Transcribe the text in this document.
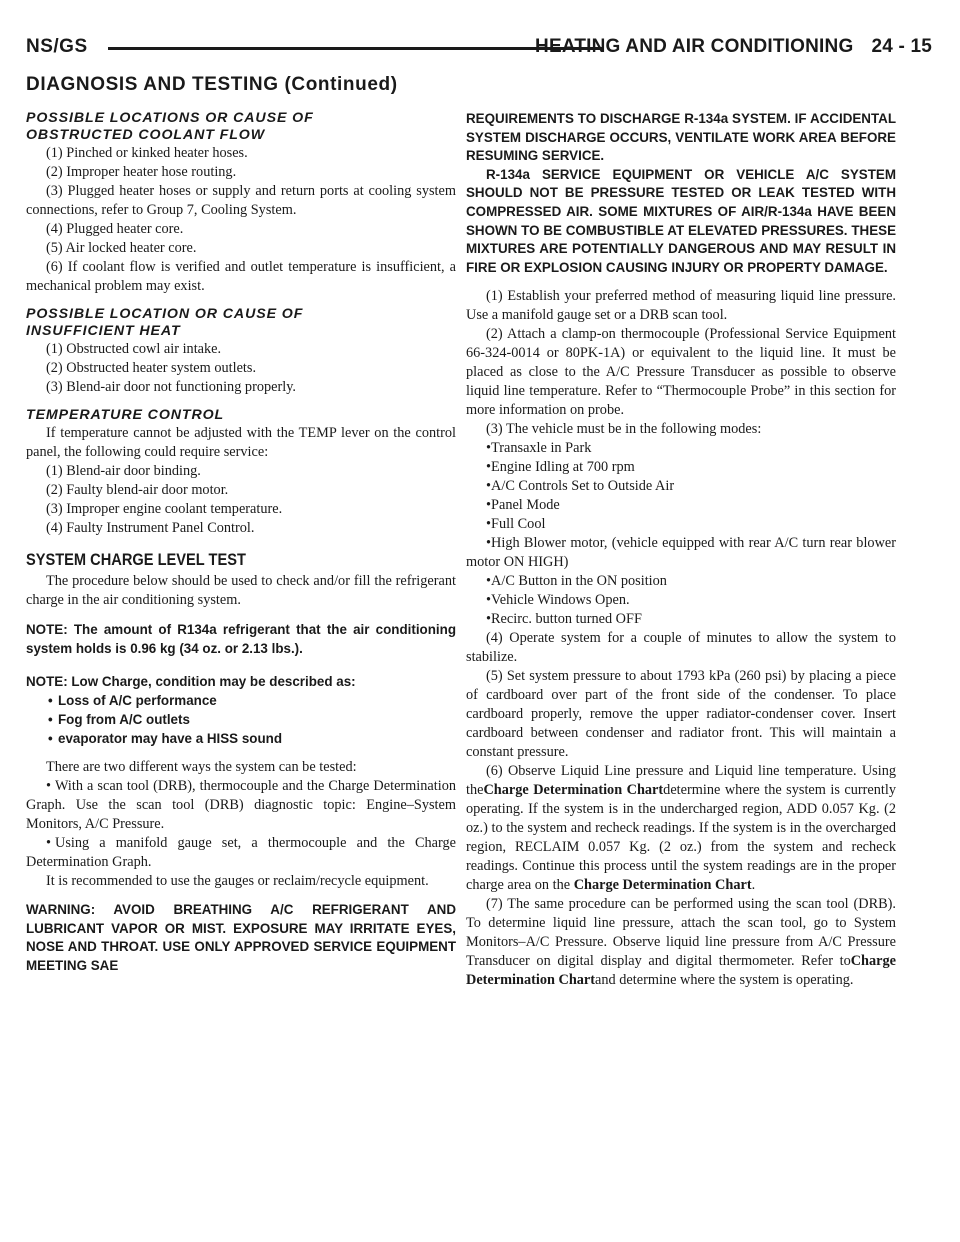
NS/GS	HEATING AND AIR CONDITIONING 24 - 15
DIAGNOSIS AND TESTING (Continued)
POSSIBLE LOCATIONS OR CAUSE OF
OBSTRUCTED COOLANT FLOW

(1) Pinched or kinked heater hoses.

(2) Improper heater hose routing.

(3) Plugged heater hoses or supply and return ports at cooling system connections, refer to Group 7, Cooling System.

(4) Plugged heater core.

(5) Air locked heater core.

(6) If coolant flow is verified and outlet temperature is insufficient, a mechanical problem may exist.

POSSIBLE LOCATION OR CAUSE OF
INSUFFICIENT HEAT

(1) Obstructed cowl air intake.

(2) Obstructed heater system outlets.

(3) Blend-air door not functioning properly.

TEMPERATURE CONTROL

If temperature cannot be adjusted with the TEMP lever on the control panel, the following could require service:

(1) Blend-air door binding.

(2) Faulty blend-air door motor.

(3) Improper engine coolant temperature.

(4) Faulty Instrument Panel Control.

SYSTEM CHARGE LEVEL TEST

The procedure below should be used to check and/or fill the refrigerant charge in the air conditioning system.

NOTE: The amount of R134a refrigerant that the air conditioning system holds is 0.96 kg (34 oz. or 2.13 lbs.).

NOTE: Low Charge, condition may be described as:

• Loss of A/C performance

• Fog from A/C outlets

• evaporator may have a HISS sound

There are two different ways the system can be tested:

• With a scan tool (DRB), thermocouple and the Charge Determination Graph. Use the scan tool (DRB) diagnostic topic: Engine–System Monitors, A/C Pressure.

• Using a manifold gauge set, a thermocouple and the Charge Determination Graph.

It is recommended to use the gauges or reclaim/recycle equipment.

WARNING: AVOID BREATHING A/C REFRIGERANT AND LUBRICANT VAPOR OR MIST. EXPOSURE MAY IRRITATE EYES, NOSE AND THROAT. USE ONLY APPROVED SERVICE EQUIPMENT MEETING SAE

REQUIREMENTS TO DISCHARGE R-134a SYSTEM. IF ACCIDENTAL SYSTEM DISCHARGE OCCURS, VENTILATE WORK AREA BEFORE RESUMING SERVICE.

R-134a SERVICE EQUIPMENT OR VEHICLE A/C SYSTEM SHOULD NOT BE PRESSURE TESTED OR LEAK TESTED WITH COMPRESSED AIR. SOME MIXTURES OF AIR/R-134a HAVE BEEN SHOWN TO BE COMBUSTIBLE AT ELEVATED PRESSURES. THESE MIXTURES ARE POTENTIALLY DANGEROUS AND MAY RESULT IN FIRE OR EXPLOSION CAUSING INJURY OR PROPERTY DAMAGE.

(1) Establish your preferred method of measuring liquid line pressure. Use a manifold gauge set or a DRB scan tool.

(2) Attach a clamp-on thermocouple (Professional Service Equipment 66-324-0014 or 80PK-1A) or equivalent to the liquid line. It must be placed as close to the A/C Pressure Transducer as possible to observe liquid line temperature. Refer to “Thermocouple Probe” in this section for more information on probe.

(3) The vehicle must be in the following modes:

•Transaxle in Park

•Engine Idling at 700 rpm

•A/C Controls Set to Outside Air

•Panel Mode

•Full Cool

•High Blower motor, (vehicle equipped with rear A/C turn rear blower motor ON HIGH)

•A/C Button in the ON position

•Vehicle Windows Open.

•Recirc. button turned OFF

(4) Operate system for a couple of minutes to allow the system to stabilize.

(5) Set system pressure to about 1793 kPa (260 psi) by placing a piece of cardboard over part of the front side of the condenser. To place cardboard properly, remove the upper radiator-condenser cover. Insert cardboard between condenser and radiator front. This will maintain a constant pressure.

(6) Observe Liquid Line pressure and Liquid line temperature. Using theCharge Determination Chartdetermine where the system is currently operating. If the system is in the undercharged region, ADD 0.057 Kg. (2 oz.) to the system and recheck readings. If the system is in the overcharged region, RECLAIM 0.057 Kg. (2 oz.) from the system and recheck readings. Continue this process until the system readings are in the proper charge area on the Charge Determination Chart.

(7) The same procedure can be performed using the scan tool (DRB). To determine liquid line pressure, attach the scan tool, go to System Monitors–A/C Pressure. Observe liquid line pressure from A/C Pressure Transducer on digital display and digital thermometer. Refer toCharge Determination Chartand determine where the system is operating.
